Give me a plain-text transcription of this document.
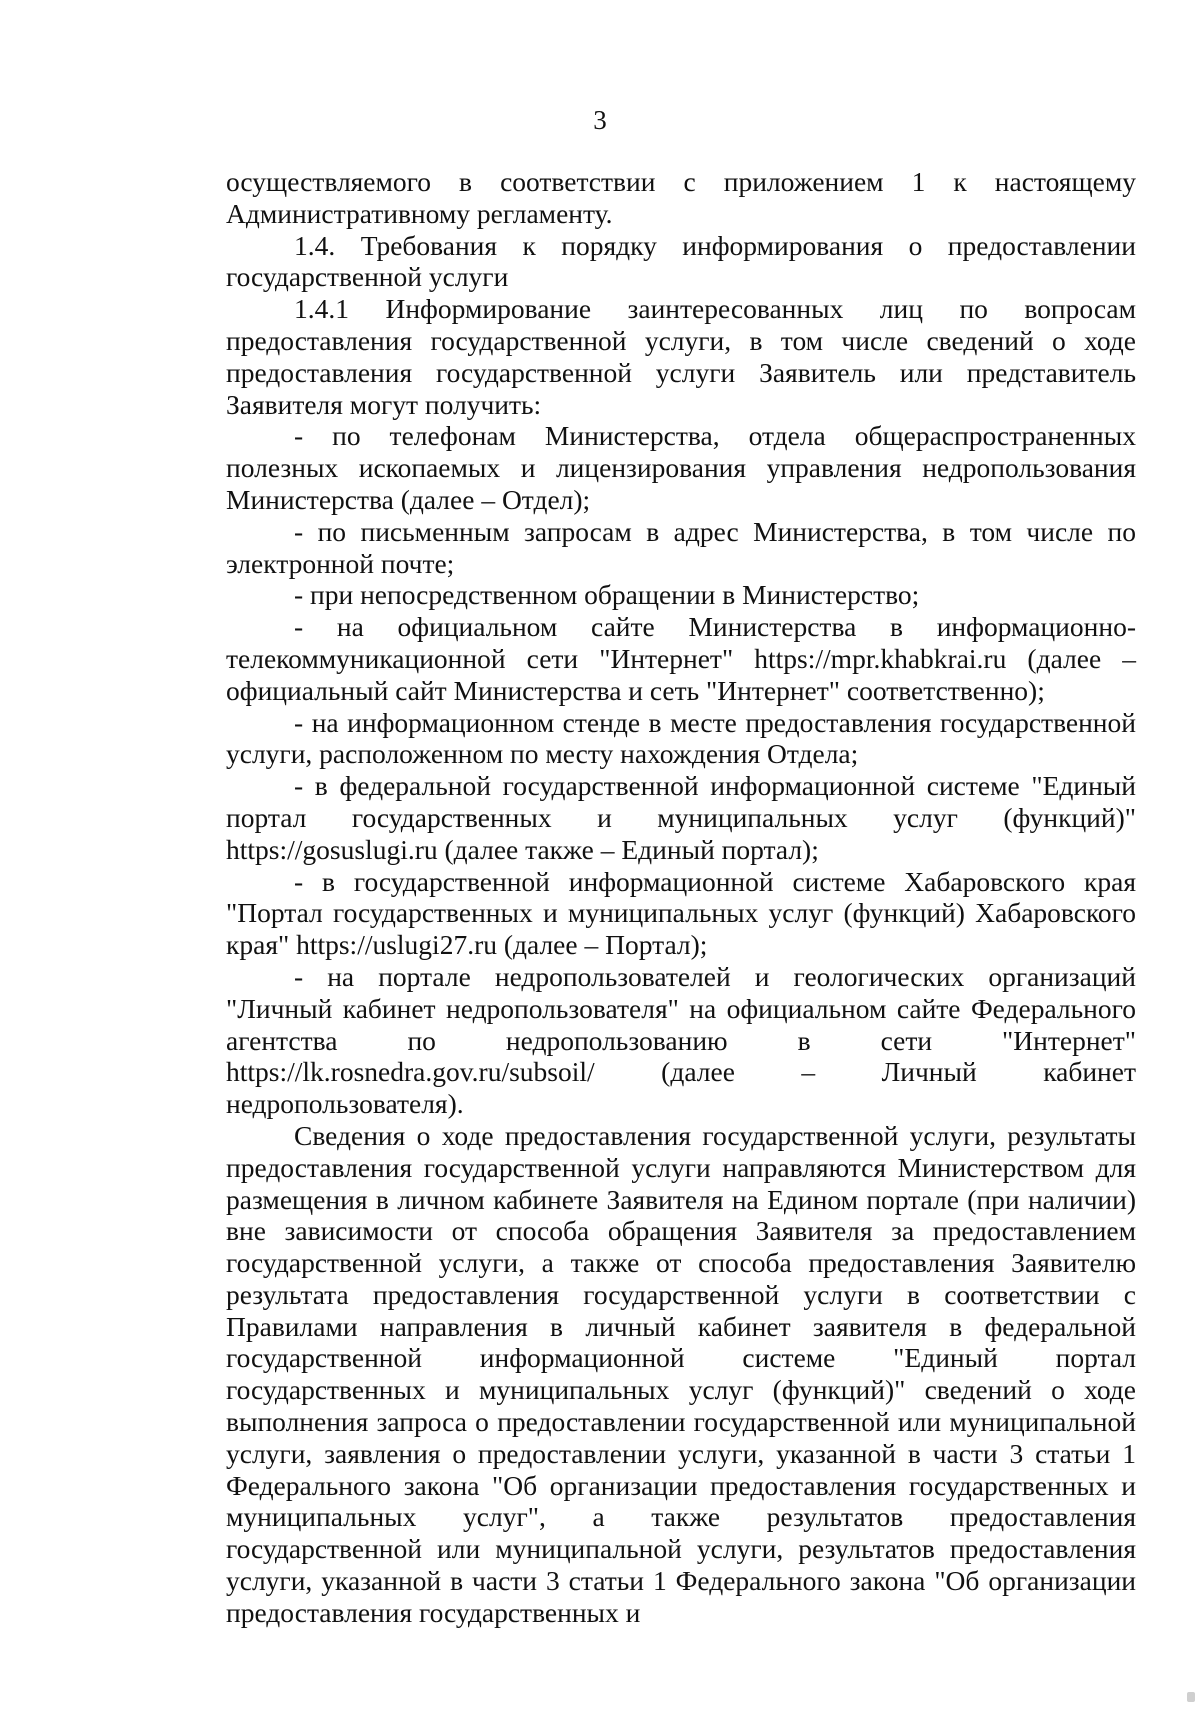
3

осуществляемого в соответствии с приложением 1 к настоящему Административному регламенту.

1.4. Требования к порядку информирования о предоставлении государственной услуги

1.4.1 Информирование заинтересованных лиц по вопросам предоставления государственной услуги, в том числе сведений о ходе предоставления государственной услуги Заявитель или представитель Заявителя могут получить:

- по телефонам Министерства, отдела общераспространенных полезных ископаемых и лицензирования управления недропользования Министерства (далее – Отдел);

- по письменным запросам в адрес Министерства, в том числе по электронной почте;

- при непосредственном обращении в Министерство;

- на официальном сайте Министерства в информационно-телекоммуникационной сети "Интернет" https://mpr.khabkrai.ru (далее – официальный сайт Министерства и сеть "Интернет" соответственно);

- на информационном стенде в месте предоставления государственной услуги, расположенном по месту нахождения Отдела;

- в федеральной государственной информационной системе "Единый портал государственных и муниципальных услуг (функций)" https://gosuslugi.ru (далее также – Единый портал);

- в государственной информационной системе Хабаровского края "Портал государственных и муниципальных услуг (функций) Хабаровского края" https://uslugi27.ru (далее – Портал);

- на портале недропользователей и геологических организаций "Личный кабинет недропользователя" на официальном сайте Федерального агентства по недропользованию в сети "Интернет" https://lk.rosnedra.gov.ru/subsoil/ (далее – Личный кабинет недропользователя).

Сведения о ходе предоставления государственной услуги, результаты предоставления государственной услуги направляются Министерством для размещения в личном кабинете Заявителя на Едином портале (при наличии) вне зависимости от способа обращения Заявителя за предоставлением государственной услуги, а также от способа предоставления Заявителю результата предоставления государственной услуги в соответствии с Правилами направления в личный кабинет заявителя в федеральной государственной информационной системе "Единый портал государственных и муниципальных услуг (функций)" сведений о ходе выполнения запроса о предоставлении государственной или муниципальной услуги, заявления о предоставлении услуги, указанной в части 3 статьи 1 Федерального закона "Об организации предоставления государственных и муниципальных услуг", а также результатов предоставления государственной или муниципальной услуги, результатов предоставления услуги, указанной в части 3 статьи 1 Федерального закона "Об организации предоставления государственных и
